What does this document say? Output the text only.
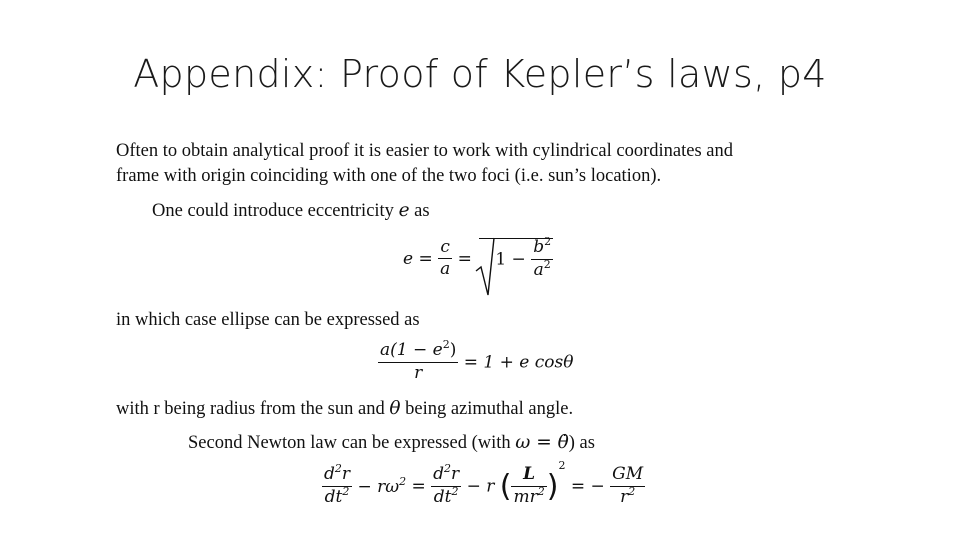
Appendix: Proof of Kepler’s laws, p4
Often to obtain analytical proof it is easier to work with cylindrical coordinates and
frame with origin coinciding with one of the two foci (i.e. sun’s location).
One could introduce eccentricity e as
$e = \frac{c}{a} = 1 - \frac{b^2}{a^2}$
in which case ellipse can be expressed as
$\frac{a(1 - e^2)}{r} = 1 + e$ cosθ
with r being radius from the sun and θ being azimuthal angle.
Second Newton law can be expressed (with ω = θ̇) as
$\frac{d^2r}{dt^2} - r\omega^2 = \frac{d^2r}{dt^2} - r$ ( $\frac{L}{mr^2} )^2$ = − $\frac{GM}{r^2}$
